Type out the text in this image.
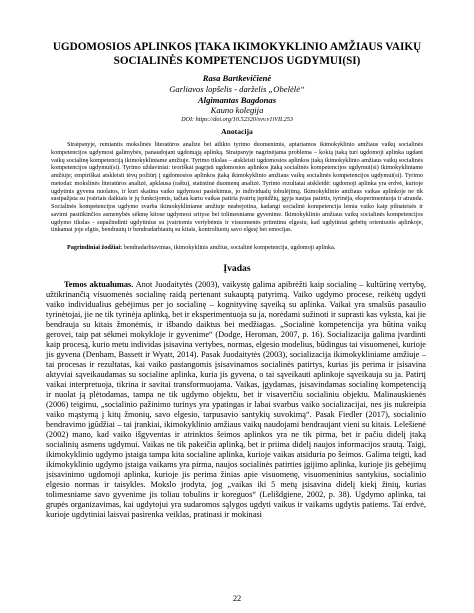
UGDOMOSIOS APLINKOS ĮTAKA IKIMOKYKLINIO AMŽIAUS VAIKŲ SOCIALINĖS KOMPETENCIJOS UGDYMUI(SI)
Rasa Bartkevičienė
Garliavos lopšelis - darželis „Obelėlė“
Algimantas Bagdonas
Kauno kolegija
DOI: https://doi.org/10.52320/svv.v1iVII.253
Anotacija
Straipsnyje, remiantis mokslinės literatūros analize bei atlikto tyrimo duomenimis, aptariamos ikimokyklinio amžiaus vaikų socialinės kompetencijos ugdymosi galimybės, panaudojant ugdomąją aplinką. Straipsnyje nagrinėjama problema – kokią įtaką turi ugdomoji aplinka ugdant vaikų socialinę kompetenciją ikimokykliniame amžiuje. Tyrimo tikslas – atskleisti ugdomosios aplinkos įtaką ikimokyklinio amžiaus vaikų socialinės kompetencijos ugdymui(si). Tyrimo uždaviniai: teoriškai pagrįsti ugdomosios aplinkos įtaką socialinės kompetencijos ugdymui(si) ikimokykliniame amžiuje; empiriškai atskleisti tėvų požiūrį į ugdomosios aplinkos įtaką ikimokyklinio amžiaus vaikų socialinės kompetencijos ugdymui(si). Tyrimo metodai: mokslinės literatūros analizė, apklausa (raštu), statistinė duomenų analizė. Tyrimo rezultatai atskleidė: ugdomoji aplinka yra erdvė, kurioje ugdytinis gyvena nuolatos, ir kuri skatina vaiko ugdymosi pasiekimus, jo individualų tobulėjimą. Ikimokyklinio amžiaus vaikas aplinkoje ne tik susipažįsta su įvairiais daiktais ir jų funkcijomis, tačiau kartu vaikas patiria įvairių įspūdžių, įgyja naujas patirtis, tyrinėja, eksperimentuoja ir atranda. Socialinės kompetencijos ugdymo svarba ikimokykliniame amžiuje neabejotina, kadangi socialinė kompetencija lemia vaiko kaip pilnateisės ir savimi pasitikinčios asmenybės sėkmę kitose ugdymosi srityse bei tolimesniame gyvenime. Ikimokyklinio amžiaus vaikų socialinės kompetencijos ugdymo tikslas - supažindinti ugdytinius su įvairiomis vertybėmis ir visuomenės priimtinu elgesiu, kad ugdytiniai gebėtų orientuotis aplinkoje, tinkamai joje elgtis, bendrautų ir bendradarbiautų su kitais, kontroliuotų savo elgesį bei emocijas.
Pagrindiniai žodžiai: bendradarbiavimas, ikimokyklinis amžius, socialinė kompetencija, ugdomoji aplinka.
Įvadas
Temos aktualumas. Anot Juodaitytės (2003), vaikystę galima apibrėžti kaip socialinę – kultūrinę vertybę, užtikrinančią visuomenės socialinę raidą pertenant sukauptą patyrimą. Vaiko ugdymo procese, reikėtų ugdyti vaiko individualius gebėjimus per jo socialinę – kognityvinę sąveiką su aplinka. Vaikai yra smalsūs pasaulio tyrinėtojai, jie ne tik tyrinėja aplinką, bet ir eksperimentuoja su ja, norėdami sužinoti ir suprasti kas vyksta, kai jie bendrauja su kitais žmonėmis, ir išbando daiktus bei medžiagas. „Socialinė kompetencija yra būtina vaikų gerovei, taip pat sėkmei mokykloje ir gyvenime“ (Dodge, Heroman, 2007, p. 16). Socializacija galima įvardinti kaip procesą, kurio metu individas įsisavina vertybes, normas, elgesio modelius, būdingus tai visuomenei, kurioje jis gyvena (Denham, Bassett ir Wyatt, 2014). Pasak Juodaitytės (2003), socializacija ikimokykliniame amžiuje – tai procesas ir rezultatas, kai vaiko pastangomis įsisavinamos socialinės patirtys, kurias jis perima ir įsisavina aktyviai sąveikaudamas su socialine aplinka, kuria jis gyvena, o tai sąveikauti aplinkoje sąveikauja su ja. Patirtį vaikai interpretuoja, tikrina ir savitai transformuojama. Vaikas, įgydamas, įsisavindamas socialinę kompetenciją ir nuolat ją plėtodamas, tampa ne tik ugdymo objektu, bet ir visavertčiu socialiniu objektu. Malinauskienės (2006) teigimu, „socialinio pažinimo turinys yra ypatingas ir labai svarbus vaiko socializacijai, nes jis nukreipia vaiko mąstymą į kitų žmonių, savo elgesio, tarpusavio santykių suvokimą“. Pasak Fiedler (2017), socialinio bendravimo įgūdžiai – tai įrankiai, ikimokyklinio amžiaus vaikų naudojami bendraujant vieni su kitais. Lelešienė (2002) mano, kad vaiko išgyventas ir atrinktos šeimos aplinkos yra ne tik pirma, bet ir pačiu didelį įtaką socialinių asmens ugdymui. Vaikas ne tik pakeičia aplinką, bet ir priima didelį naujos informacijos srautą. Taigi, ikimokyklinio ugdymo įstaiga tampa kita socialine aplinka, kurioje vaikas atsiduria po šeimos. Galima teigti, kad ikimokyklinio ugdymo įstaiga vaikams yra pirma, naujos socialinės patirties įgijimo aplinka, kurioje jis gebėjimų įsisavinimo ugdomoji aplinka, kurioje jis perima žinias apie visuomenę, visuomeninius santykius, socialinio elgesio normas ir taisykles. Mokslo jrodyta, jog „vaikas iki 5 metų įsisavina didelį kiekį žinių, kurias tolimesniame savo gyvenime jis toliau tobulins ir koreguos“ (Lelišdgiene, 2002, p. 38). Ugdymo aplinka, tai grupės organizavimas, kai ugdytojui yra sudaromos sąlygos ugdyti vaikus ir vaikams ugdytis patiems. Tai erdvė, kurioje ugdytiniai laisvai pasirenka veiklas, pratinasi ir mokinasi
22
